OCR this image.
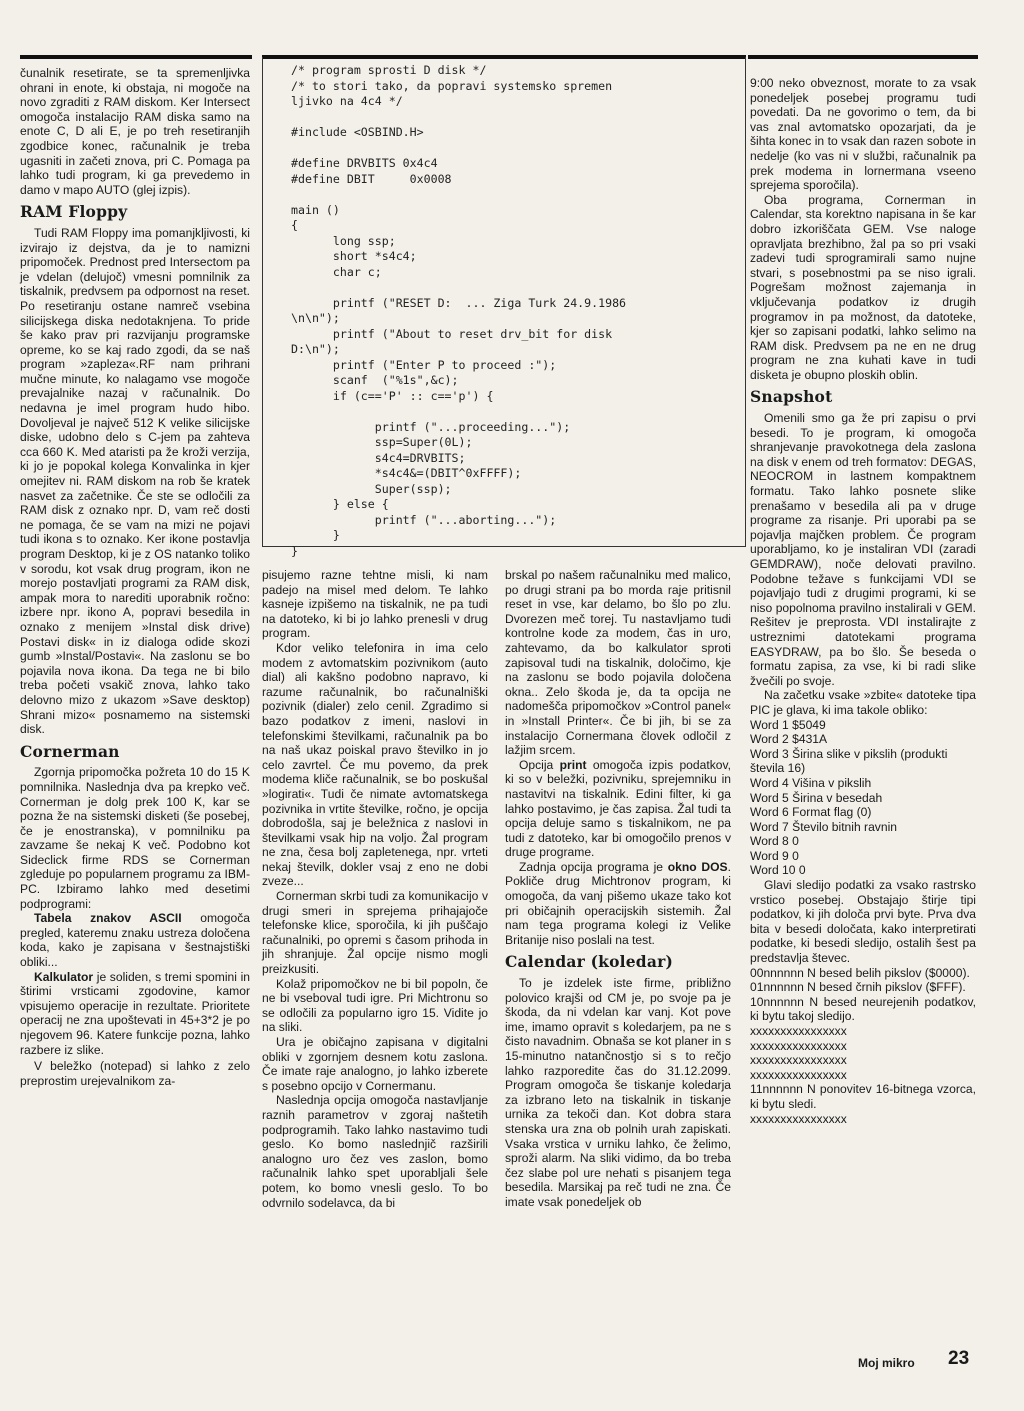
čunalnik resetirate, se ta spremenljivka ohrani in enote, ki obstaja, ni mogoče na novo zgraditi z RAM diskom. Ker Intersect omogoča instalacijo RAM diska samo na enote C, D ali E, je po treh resetiranjih zgodbice konec, računalnik je treba ugasniti in začeti znova, pri C. Pomaga pa lahko tudi program, ki ga prevedemo in damo v mapo AUTO (glej izpis).

RAM Floppy

Tudi RAM Floppy ima pomanjkljivosti, ki izvirajo iz dejstva, da je to namizni pripomoček. Prednost pred Intersectom pa je vdelan (delujoč) vmesni pomnilnik za tiskalnik, predvsem pa odpornost na reset. Po resetiranju ostane namreč vsebina silicijskega diska nedotaknjena. To pride še kako prav pri razvijanju programske opreme, ko se kaj rado zgodi, da se naš program »zapleza«.RF nam prihrani mučne minute, ko nalagamo vse mogoče prevajalnike nazaj v računalnik. Do nedavna je imel program hudo hibo. Dovoljeval je največ 512 K velike silicijske diske, udobno delo s C-jem pa zahteva cca 660 K. Med ataristi pa že kroži verzija, ki jo je popokal kolega Konvalinka in kjer omejitev ni. RAM diskom na rob še kratek nasvet za začetnike. Če ste se odločili za RAM disk z oznako npr. D, vam reč dosti ne pomaga, če se vam na mizi ne pojavi tudi ikona s to oznako. Ker ikone postavlja program Desktop, ki je z OS natanko toliko v sorodu, kot vsak drug program, ikon ne morejo postavljati programi za RAM disk, ampak mora to narediti uporabnik ročno: izbere npr. ikono A, popravi besedila in oznako z menijem »Instal disk drive) Postavi disk« in iz dialoga odide skozi gumb »Instal/Postavi«. Na zaslonu se bo pojavila nova ikona. Da tega ne bi bilo treba početi vsakič znova, lahko tako delovno mizo z ukazom »Save desktop) Shrani mizo« posnamemo na sistemski disk.

Cornerman

Zgornja pripomočka požreta 10 do 15 K pomnilnika. Naslednja dva pa krepko več. Cornerman je dolg prek 100 K, kar se pozna že na sistemski disketi (še posebej, če je enostranska), v pomnilniku pa zavzame še nekaj K več. Podobno kot Sideclick firme RDS se Cornerman zgleduje po popularnem programu za IBM-PC. Izbiramo lahko med desetimi podprogrami:

Tabela znakov ASCII omogoča pregled, kateremu znaku ustreza določena koda, kako je zapisana v šestnajstiški obliki...

Kalkulator je soliden, s tremi spomini in štirimi vrsticami zgodovine, kamor vpisujemo operacije in rezultate. Prioritete operacij ne zna upoštevati in 45+3*2 je po njegovem 96. Katere funkcije pozna, lahko razbere iz slike.

V beležko (notepad) si lahko z zelo preprostim urejevalnikom za-

/* program sprosti D disk */
/* to stori tako, da popravi systemsko spremen
ljivko na 4c4 */

#include <OSBIND.H>

#define DRVBITS 0x4c4
#define DBIT     0x0008

main ()
{
long ssp;
short *s4c4;
char c;

printf ("RESET D:  ... Ziga Turk 24.9.1986
\n\n");
printf ("About to reset drv_bit for disk
D:\n");
printf ("Enter P to proceed :");
scanf  ("%1s",&c);
if (c=='P' :: c=='p') {

printf ("...proceeding...");
ssp=Super(0L);
s4c4=DRVBITS;
*s4c4&=(DBIT^0xFFFF);
Super(ssp);
} else {
printf ("...aborting...");
}
}

pisujemo razne tehtne misli, ki nam padejo na misel med delom. Te lahko kasneje izpišemo na tiskalnik, ne pa tudi na datoteko, ki bi jo lahko prenesli v drug program.

Kdor veliko telefonira in ima celo modem z avtomatskim pozivnikom (auto dial) ali kakšno podobno napravo, ki razume računalnik, bo računalniški pozivnik (dialer) zelo cenil. Zgradimo si bazo podatkov z imeni, naslovi in telefonskimi številkami, računalnik pa bo na naš ukaz poiskal pravo številko in jo celo zavrtel. Če mu povemo, da prek modema kliče računalnik, se bo poskušal »logirati«. Tudi če nimate avtomatskega pozivnika in vrtite številke, ročno, je opcija dobrodošla, saj je beležnica z naslovi in številkami vsak hip na voljo. Žal program ne zna, česa bolj zapletenega, npr. vrteti nekaj številk, dokler vsaj z eno ne dobi zveze...

Cornerman skrbi tudi za komunikacijo v drugi smeri in sprejema prihajajoče telefonske klice, sporočila, ki jih puščajo računalniki, po opremi s časom prihoda in jih shranjuje. Žal opcije nismo mogli preizkusiti.

Kolaž pripomočkov ne bi bil popoln, če ne bi vseboval tudi igre. Pri Michtronu so se odločili za popularno igro 15. Vidite jo na sliki.

Ura je običajno zapisana v digitalni obliki v zgornjem desnem kotu zaslona. Če imate raje analogno, jo lahko izberete s posebno opcijo v Cornermanu.

Naslednja opcija omogoča nastavljanje raznih parametrov v zgoraj naštetih podprogramih. Tako lahko nastavimo tudi geslo. Ko bomo naslednjič razširili analogno uro čez ves zaslon, bomo računalnik lahko spet uporabljali šele potem, ko bomo vnesli geslo. To bo odvrnilo sodelavca, da bi

brskal po našem računalniku med malico, po drugi strani pa bo morda raje pritisnil reset in vse, kar delamo, bo šlo po zlu. Dvorezen meč torej. Tu nastavljamo tudi kontrolne kode za modem, čas in uro, zahtevamo, da bo kalkulator sproti zapisoval tudi na tiskalnik, določimo, kje na zaslonu se bodo pojavila določena okna.. Zelo škoda je, da ta opcija ne nadomešča pripomočkov »Control panel« in »Install Printer«. Če bi jih, bi se za instalacijo Cornermana človek odločil z lažjim srcem.

Opcija print omogoča izpis podatkov, ki so v beležki, pozivniku, sprejemniku in nastavitvi na tiskalnik. Edini filter, ki ga lahko postavimo, je čas zapisa. Žal tudi ta opcija deluje samo s tiskalnikom, ne pa tudi z datoteko, kar bi omogočilo prenos v druge programe.

Zadnja opcija programa je okno DOS. Pokliče drug Michtronov program, ki omogoča, da vanj pišemo ukaze tako kot pri običajnih operacijskih sistemih. Žal nam tega programa kolegi iz Velike Britanije niso poslali na test.

Calendar (koledar)

To je izdelek iste firme, približno polovico krajši od CM je, po svoje pa je škoda, da ni vdelan kar vanj. Kot pove ime, imamo opravit s koledarjem, pa ne s čisto navadnim. Obnaša se kot planer in s 15-minutno natančnostjo si s to rečjo lahko razporedite čas do 31.12.2099. Program omogoča še tiskanje koledarja za izbrano leto na tiskalnik in tiskanje urnika za tekoči dan. Kot dobra stara stenska ura zna ob polnih urah zapiskati. Vsaka vrstica v urniku lahko, če želimo, sproži alarm. Na sliki vidimo, da bo treba čez slabe pol ure nehati s pisanjem tega besedila. Marsikaj pa reč tudi ne zna. Če imate vsak ponedeljek ob

9:00 neko obveznost, morate to za vsak ponedeljek posebej programu tudi povedati. Da ne govorimo o tem, da bi vas znal avtomatsko opozarjati, da je šihta konec in to vsak dan razen sobote in nedelje (ko vas ni v službi, računalnik pa prek modema in lornermana vseeno sprejema sporočila).

Oba programa, Cornerman in Calendar, sta korektno napisana in še kar dobro izkoriščata GEM. Vse naloge opravljata brezhibno, žal pa so pri vsaki zadevi tudi sprogramirali samo nujne stvari, s posebnostmi pa se niso igrali. Pogrešam možnost zajemanja in vključevanja podatkov iz drugih programov in pa možnost, da datoteke, kjer so zapisani podatki, lahko selimo na RAM disk. Predvsem pa ne en ne drug program ne zna kuhati kave in tudi disketa je obupno ploskih oblin.

Snapshot

Omenili smo ga že pri zapisu o prvi besedi. To je program, ki omogoča shranjevanje pravokotnega dela zaslona na disk v enem od treh formatov: DEGAS, NEOCROM in lastnem kompaktnem formatu. Tako lahko posnete slike prenašamo v besedila ali pa v druge programe za risanje. Pri uporabi pa se pojavlja majčken problem. Če program uporabljamo, ko je instaliran VDI (zaradi GEMDRAW), noče delovati pravilno. Podobne težave s funkcijami VDI se pojavljajo tudi z drugimi programi, ki se niso popolnoma pravilno instalirali v GEM. Rešitev je preprosta. VDI instalirajte z ustreznimi datotekami programa EASYDRAW, pa bo šlo. Še beseda o formatu zapisa, za vse, ki bi radi slike žvečili po svoje.

Na začetku vsake »zbite« datoteke tipa PIC je glava, ki ima takole obliko:

Word 1 $5049

Word 2 $431A

Word 3 Širina slike v pikslih (produkti števila 16)

Word 4 Višina v pikslih

Word 5 Širina v besedah

Word 6 Format flag (0)

Word 7 Število bitnih ravnin

Word 8 0

Word 9 0

Word 10 0

Glavi sledijo podatki za vsako rastrsko vrstico posebej. Obstajajo štirje tipi podatkov, ki jih določa prvi byte. Prva dva bita v besedi določata, kako interpretirati podatke, ki besedi sledijo, ostalih šest pa predstavlja števec.

00nnnnnn N besed belih pikslov ($0000).

01nnnnnn N besed črnih pikslov ($FFF).

10nnnnnn N besed neurejenih podatkov, ki bytu takoj sledijo.

xxxxxxxxxxxxxxxx

xxxxxxxxxxxxxxxx

xxxxxxxxxxxxxxxx

xxxxxxxxxxxxxxxx

11nnnnnn N ponovitev 16-bitnega vzorca, ki bytu sledi.

xxxxxxxxxxxxxxxx

Moj mikro 23
